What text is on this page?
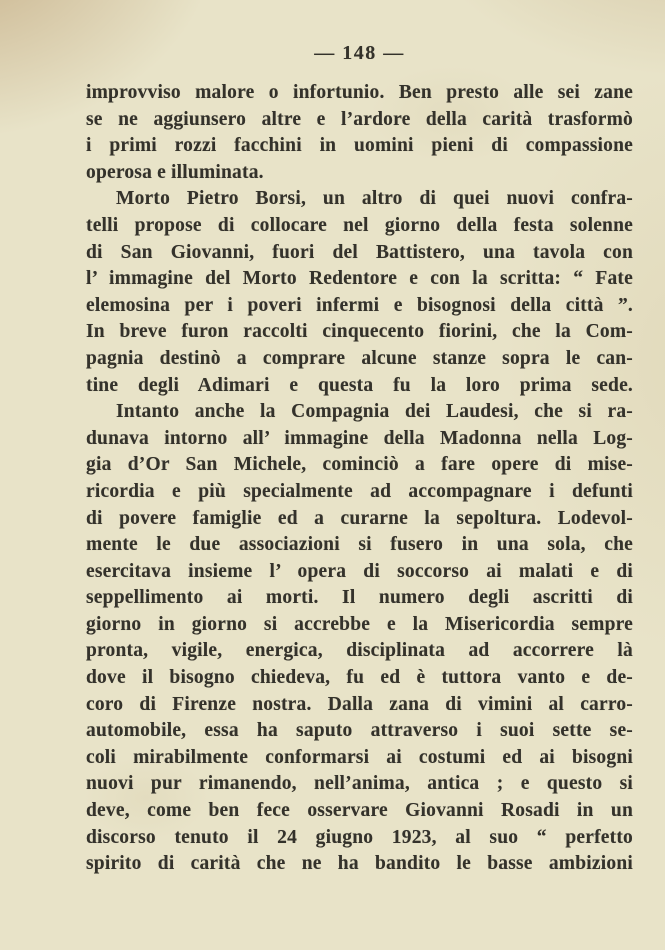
— 148 —
improvviso malore o infortunio. Ben presto alle sei zane
se ne aggiunsero altre e l’ardore della carità trasformò
i primi rozzi facchini in uomini pieni di compassione
operosa e illuminata.
Morto Pietro Borsi, un altro di quei nuovi confra-
telli propose di collocare nel giorno della festa solenne
di San Giovanni, fuori del Battistero, una tavola con
l’ immagine del Morto Redentore e con la scritta: “ Fate
elemosina per i poveri infermi e bisognosi della città ”.
In breve furon raccolti cinquecento fiorini, che la Com-
pagnia destinò a comprare alcune stanze sopra le can-
tine degli Adimari e questa fu la loro prima sede.
Intanto anche la Compagnia dei Laudesi, che si ra-
dunava intorno all’ immagine della Madonna nella Log-
gia d’Or San Michele, cominciò a fare opere di mise-
ricordia e più specialmente ad accompagnare i defunti
di povere famiglie ed a curarne la sepoltura. Lodevol-
mente le due associazioni si fusero in una sola, che
esercitava insieme l’ opera di soccorso ai malati e di
seppellimento ai morti. Il numero degli ascritti di
giorno in giorno si accrebbe e la Misericordia sempre
pronta, vigile, energica, disciplinata ad accorrere là
dove il bisogno chiedeva, fu ed è tuttora vanto e de-
coro di Firenze nostra. Dalla zana di vimini al carro-
automobile, essa ha saputo attraverso i suoi sette se-
coli mirabilmente conformarsi ai costumi ed ai bisogni
nuovi pur rimanendo, nell’anima, antica ; e questo si
deve, come ben fece osservare Giovanni Rosadi in un
discorso tenuto il 24 giugno 1923, al suo “ perfetto
spirito di carità che ne ha bandito le basse ambizioni
